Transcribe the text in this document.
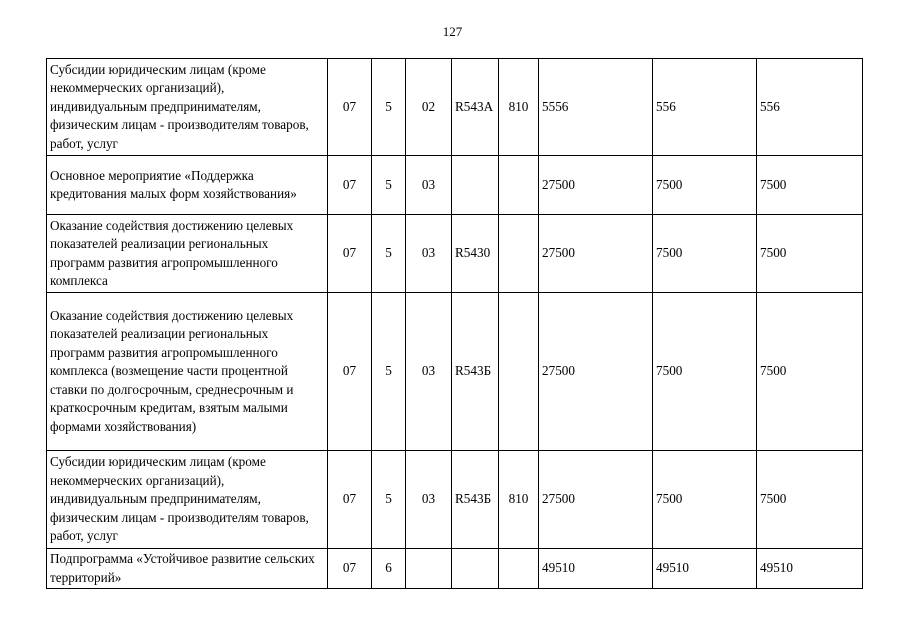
127
Субсидии юридическим лицам (кроме некоммерческих организаций), индивидуальным предпринимателям, физическим лицам - производителям товаров, работ, услуг	07	5	02	R543А	810	5556	556	556
Основное мероприятие «Поддержка кредитования малых форм хозяйствования»	07	5	03			27500	7500	7500
Оказание содействия достижению целевых показателей реализации региональных программ развития агропромышленного комплекса	07	5	03	R5430		27500	7500	7500
Оказание содействия достижению целевых показателей реализации региональных программ развития агропромышленного комплекса (возмещение части процентной ставки по долгосрочным, среднесрочным и краткосрочным кредитам, взятым малыми формами хозяйствования)	07	5	03	R543Б		27500	7500	7500
Субсидии юридическим лицам (кроме некоммерческих организаций), индивидуальным предпринимателям, физическим лицам - производителям товаров, работ, услуг	07	5	03	R543Б	810	27500	7500	7500
Подпрограмма «Устойчивое развитие сельских территорий»	07	6				49510	49510	49510
